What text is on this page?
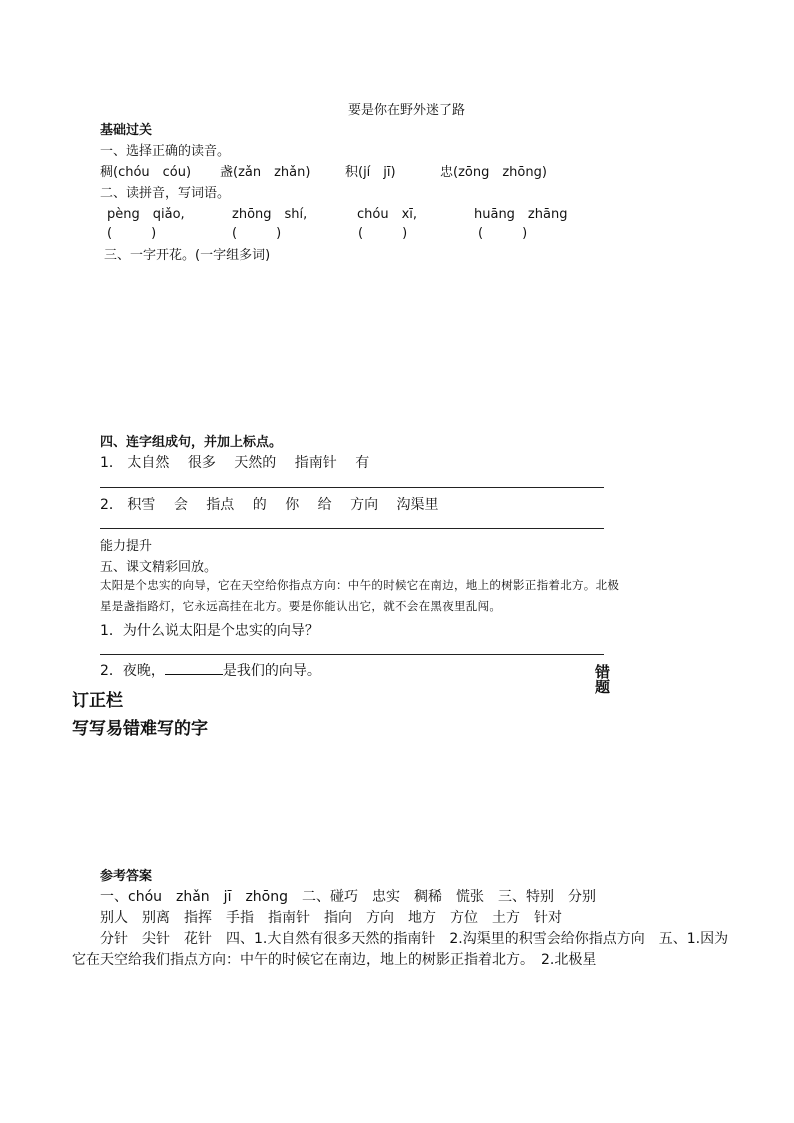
要是你在野外迷了路
基础过关
一、选择正确的读音。
稠(chóu　cóu) 盏(zǎn　zhǎn)	积(jí　jī)	忠(zōng　zhōng)
二、读拼音，写词语。
pèng　qiǎo,	zhōng　shí,	chóu　xī,	huāng　zhāng
(　　　)	(　　　)	(　　　)	(　　　)
三、一字开花。(一字组多词)
四、连字组成句，并加上标点。
1． 太自然 很多 天然的 指南针 有
2． 积雪 会 指点 的 你 给 方向 沟渠里
能力提升
五、课文精彩回放。
太阳是个忠实的向导，它在天空给你指点方向：中午的时候它在南边，地上的树影正指着北方。北极
星是盏指路灯，它永远高挂在北方。要是你能认出它，就不会在黑夜里乱闯。
1．为什么说太阳是个忠实的向导？
2．夜晚，	是我们的向导。	错题
订正栏
写写易错难写的字
参考答案
一、chóu　zhǎn　jī　zhōng　二、碰巧　忠实　稠稀　慌张　三、特别　分别
别人　别离　指挥　手指　指南针　指向　方向　地方　方位　土方　针对
分针　尖针　花针　四、1.大自然有很多天然的指南针　2.沟渠里的积雪会给你指点方向　五、1.因为
它在天空给我们指点方向：中午的时候它在南边，地上的树影正指着北方。　2.北极星
